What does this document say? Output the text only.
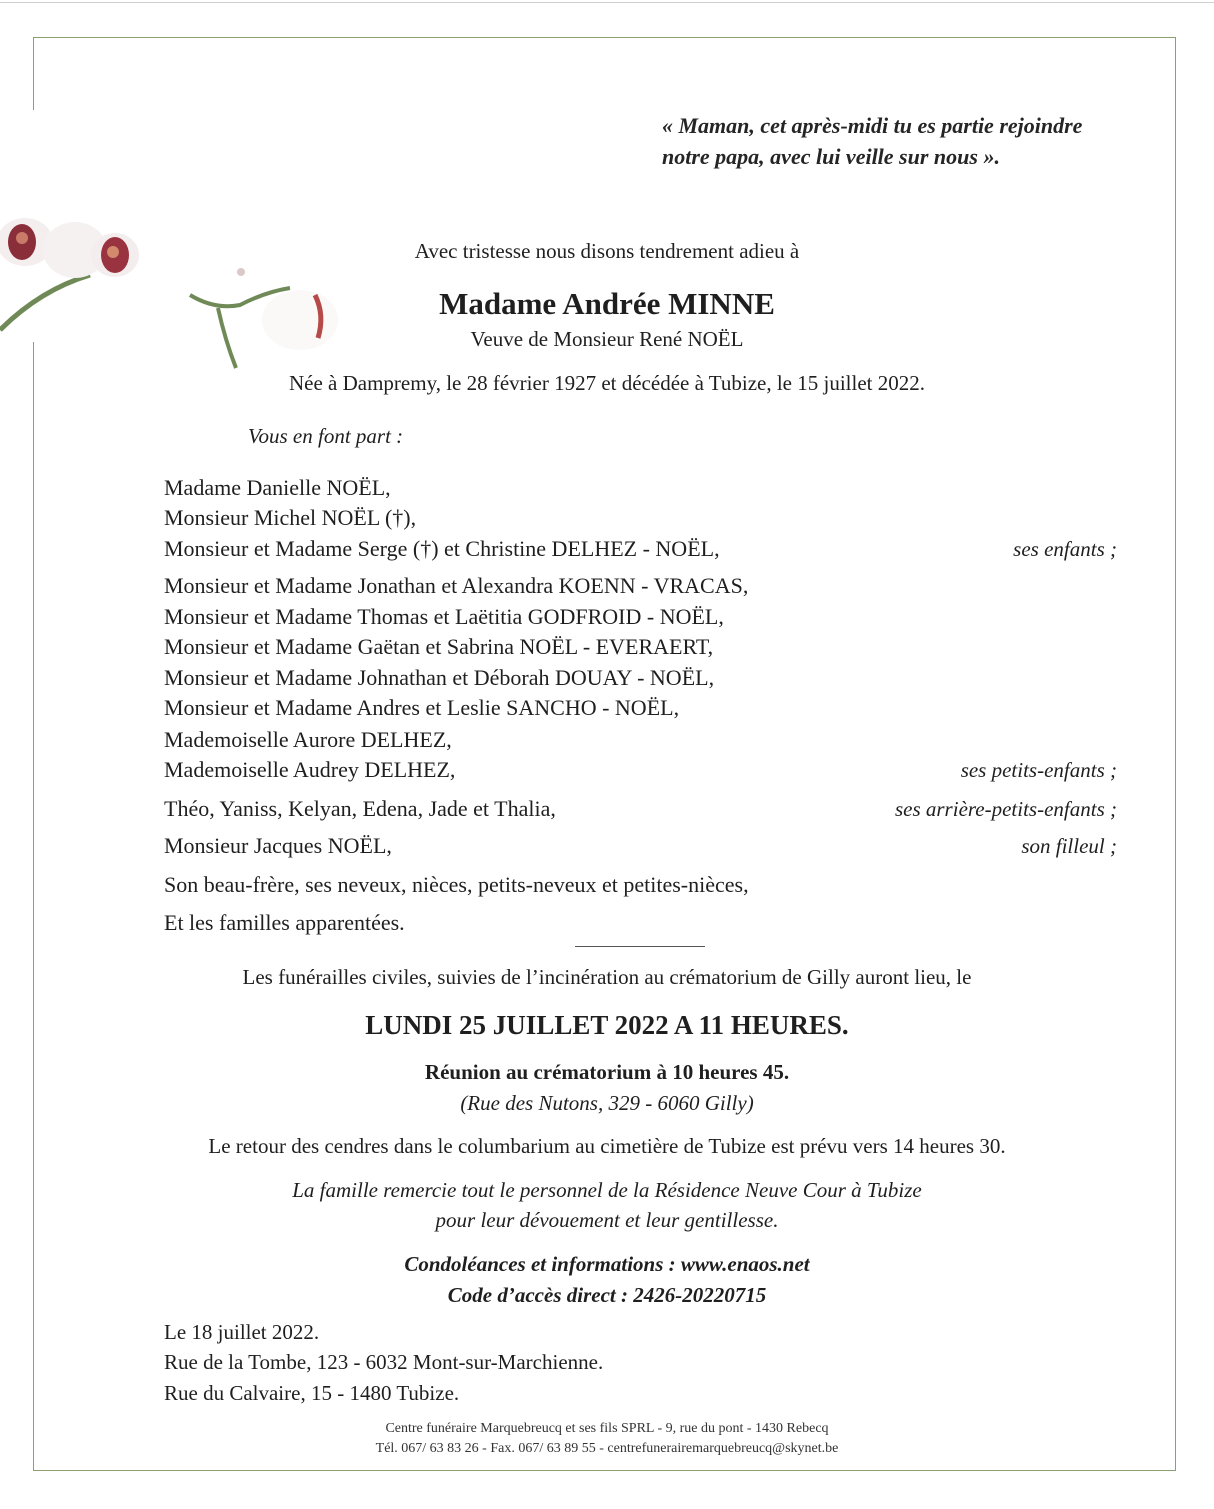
« Maman, cet après-midi tu es partie rejoindre
notre papa, avec lui veille sur nous ».
Avec tristesse nous disons tendrement adieu à
Madame Andrée MINNE
Veuve de Monsieur René NOËL
Née à Dampremy, le 28 février 1927 et décédée à Tubize, le 15 juillet 2022.
Vous en font part :
Madame Danielle NOËL,
Monsieur Michel NOËL (†),
Monsieur et Madame Serge (†) et Christine DELHEZ - NOËL,	ses enfants ;
Monsieur et Madame Jonathan et Alexandra KOENN - VRACAS,
Monsieur et Madame Thomas et Laëtitia GODFROID - NOËL,
Monsieur et Madame Gaëtan et Sabrina NOËL - EVERAERT,
Monsieur et Madame Johnathan et Déborah DOUAY - NOËL,
Monsieur et Madame Andres et Leslie SANCHO - NOËL,
Mademoiselle Aurore DELHEZ,
Mademoiselle Audrey DELHEZ,	ses petits-enfants ;
Théo, Yaniss, Kelyan, Edena, Jade et Thalia,	ses arrière-petits-enfants ;
Monsieur Jacques NOËL,	son filleul ;
Son beau-frère, ses neveux, nièces, petits-neveux et petites-nièces,
Et les familles apparentées.
Les funérailles civiles, suivies de l’incinération au crématorium de Gilly auront lieu, le
LUNDI 25 JUILLET 2022 A 11 HEURES.
Réunion au crématorium à 10 heures 45.
(Rue des Nutons, 329 - 6060 Gilly)
Le retour des cendres dans le columbarium au cimetière de Tubize est prévu vers 14 heures 30.
La famille remercie tout le personnel de la Résidence Neuve Cour à Tubize
pour leur dévouement et leur gentillesse.
Condoléances et informations : www.enaos.net
Code d’accès direct : 2426-20220715
Le 18 juillet 2022.
Rue de la Tombe, 123 - 6032 Mont-sur-Marchienne.
Rue du Calvaire, 15 - 1480 Tubize.
Centre funéraire Marquebreucq et ses fils SPRL - 9, rue du pont - 1430 Rebecq
Tél. 067/ 63 83 26 - Fax. 067/ 63 89 55 - centrefunerairemarquebreucq@skynet.be
